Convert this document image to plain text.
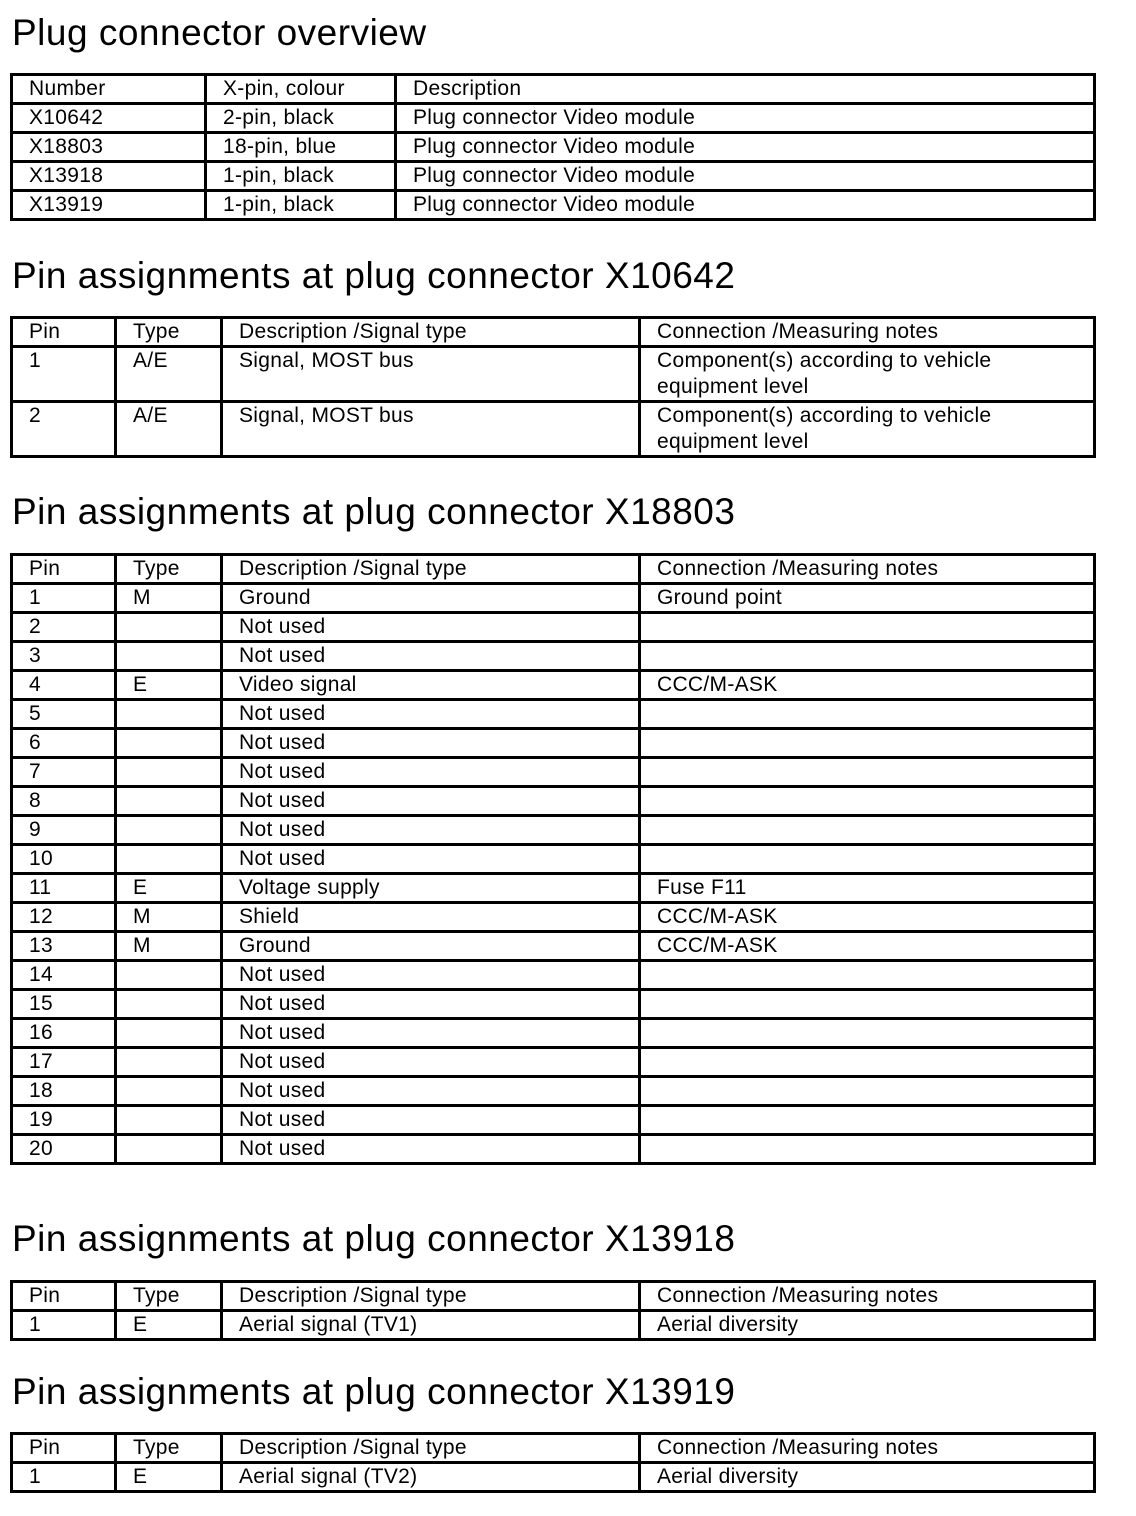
Plug connector overview
Number	X-pin, colour	Description
X10642	2-pin, black	Plug connector Video module
X18803	18-pin, blue	Plug connector Video module
X13918	1-pin, black	Plug connector Video module
X13919	1-pin, black	Plug connector Video module
Pin assignments at plug connector X10642
Pin	Type	Description /Signal type	Connection /Measuring notes
1	A/E	Signal, MOST bus	Component(s) according to vehicle
equipment level
2	A/E	Signal, MOST bus	Component(s) according to vehicle
equipment level
Pin assignments at plug connector X18803
Pin	Type	Description /Signal type	Connection /Measuring notes
1	M	Ground	Ground point
2		Not used	
3		Not used	
4	E	Video signal	CCC/M-ASK
5		Not used	
6		Not used	
7		Not used	
8		Not used	
9		Not used	
10		Not used	
11	E	Voltage supply	Fuse F11
12	M	Shield	CCC/M-ASK
13	M	Ground	CCC/M-ASK
14		Not used	
15		Not used	
16		Not used	
17		Not used	
18		Not used	
19		Not used	
20		Not used	
Pin assignments at plug connector X13918
Pin	Type	Description /Signal type	Connection /Measuring notes
1	E	Aerial signal (TV1)	Aerial diversity
Pin assignments at plug connector X13919
Pin	Type	Description /Signal type	Connection /Measuring notes
1	E	Aerial signal (TV2)	Aerial diversity
